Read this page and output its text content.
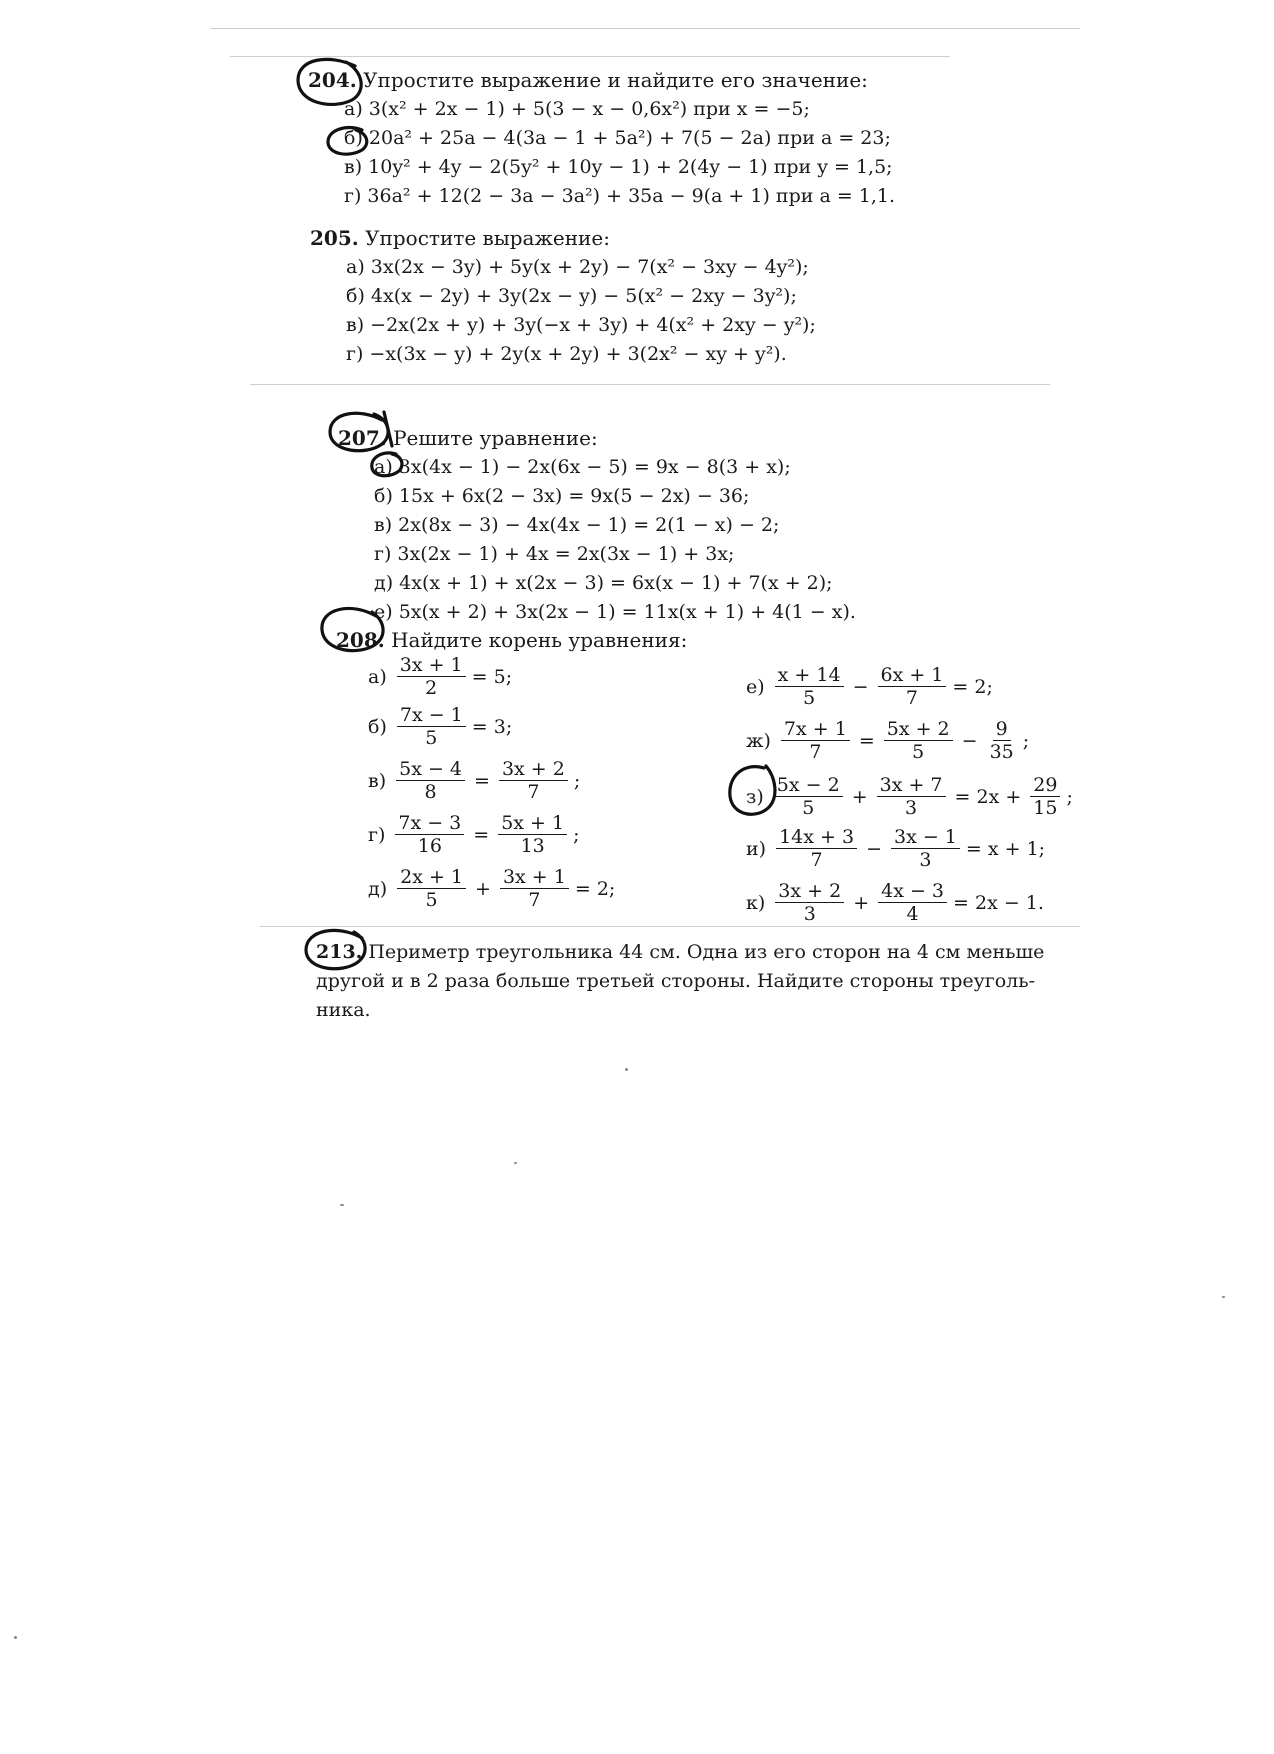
204. Упростите выражение и найдите его значение:
а) 3(x² + 2x − 1) + 5(3 − x − 0,6x²) при x = −5;
б) 20a² + 25a − 4(3a − 1 + 5a²) + 7(5 − 2a) при a = 23;
в) 10y² + 4y − 2(5y² + 10y − 1) + 2(4y − 1) при y = 1,5;
г) 36a² + 12(2 − 3a − 3a²) + 35a − 9(a + 1) при a = 1,1.
205. Упростите выражение:
а) 3x(2x − 3y) + 5y(x + 2y) − 7(x² − 3xy − 4y²);
б) 4x(x − 2y) + 3y(2x − y) − 5(x² − 2xy − 3y²);
в) −2x(2x + y) + 3y(−x + 3y) + 4(x² + 2xy − y²);
г) −x(3x − y) + 2y(x + 2y) + 3(2x² − xy + y²).
207. Решите уравнение:
а) 3x(4x − 1) − 2x(6x − 5) = 9x − 8(3 + x);
б) 15x + 6x(2 − 3x) = 9x(5 − 2x) − 36;
в) 2x(8x − 3) − 4x(4x − 1) = 2(1 − x) − 2;
г) 3x(2x − 1) + 4x = 2x(3x − 1) + 3x;
д) 4x(x + 1) + x(2x − 3) = 6x(x − 1) + 7(x + 2);
е) 5x(x + 2) + 3x(2x − 1) = 11x(x + 1) + 4(1 − x).
208. Найдите корень уравнения:
$а) \frac{3x + 1}{2} = 5$;
$б) \frac{7x - 1}{5} = 3$;
$в) \frac{5x - 4}{8} = \frac{3x + 2}{7}$ ;
$г) \frac{7x - 3}{16} = \frac{5x + 1}{13}$ ;
$д) \frac{2x + 1}{5} + \frac{3x + 1}{7} = 2$;
$е) \frac{x + 14}{5} - \frac{6x + 1}{7} = 2$;
$ж) \frac{7x + 1}{7} = \frac{5x + 2}{5} - \frac{9}{35}$ ;
$з) \frac{5x - 2}{5} + \frac{3x + 7}{3} = 2x + \frac{29}{15}$ ;
$и) \frac{14x + 3}{7} - \frac{3x - 1}{3} = x + 1$;
$к) \frac{3x + 2}{3} + \frac{4x - 3}{4} = 2x - 1$.
213. Периметр треугольника 44 см. Одна из его сторон на 4 см меньше
другой и в 2 раза больше третьей стороны. Найдите стороны треуголь-
ника.
